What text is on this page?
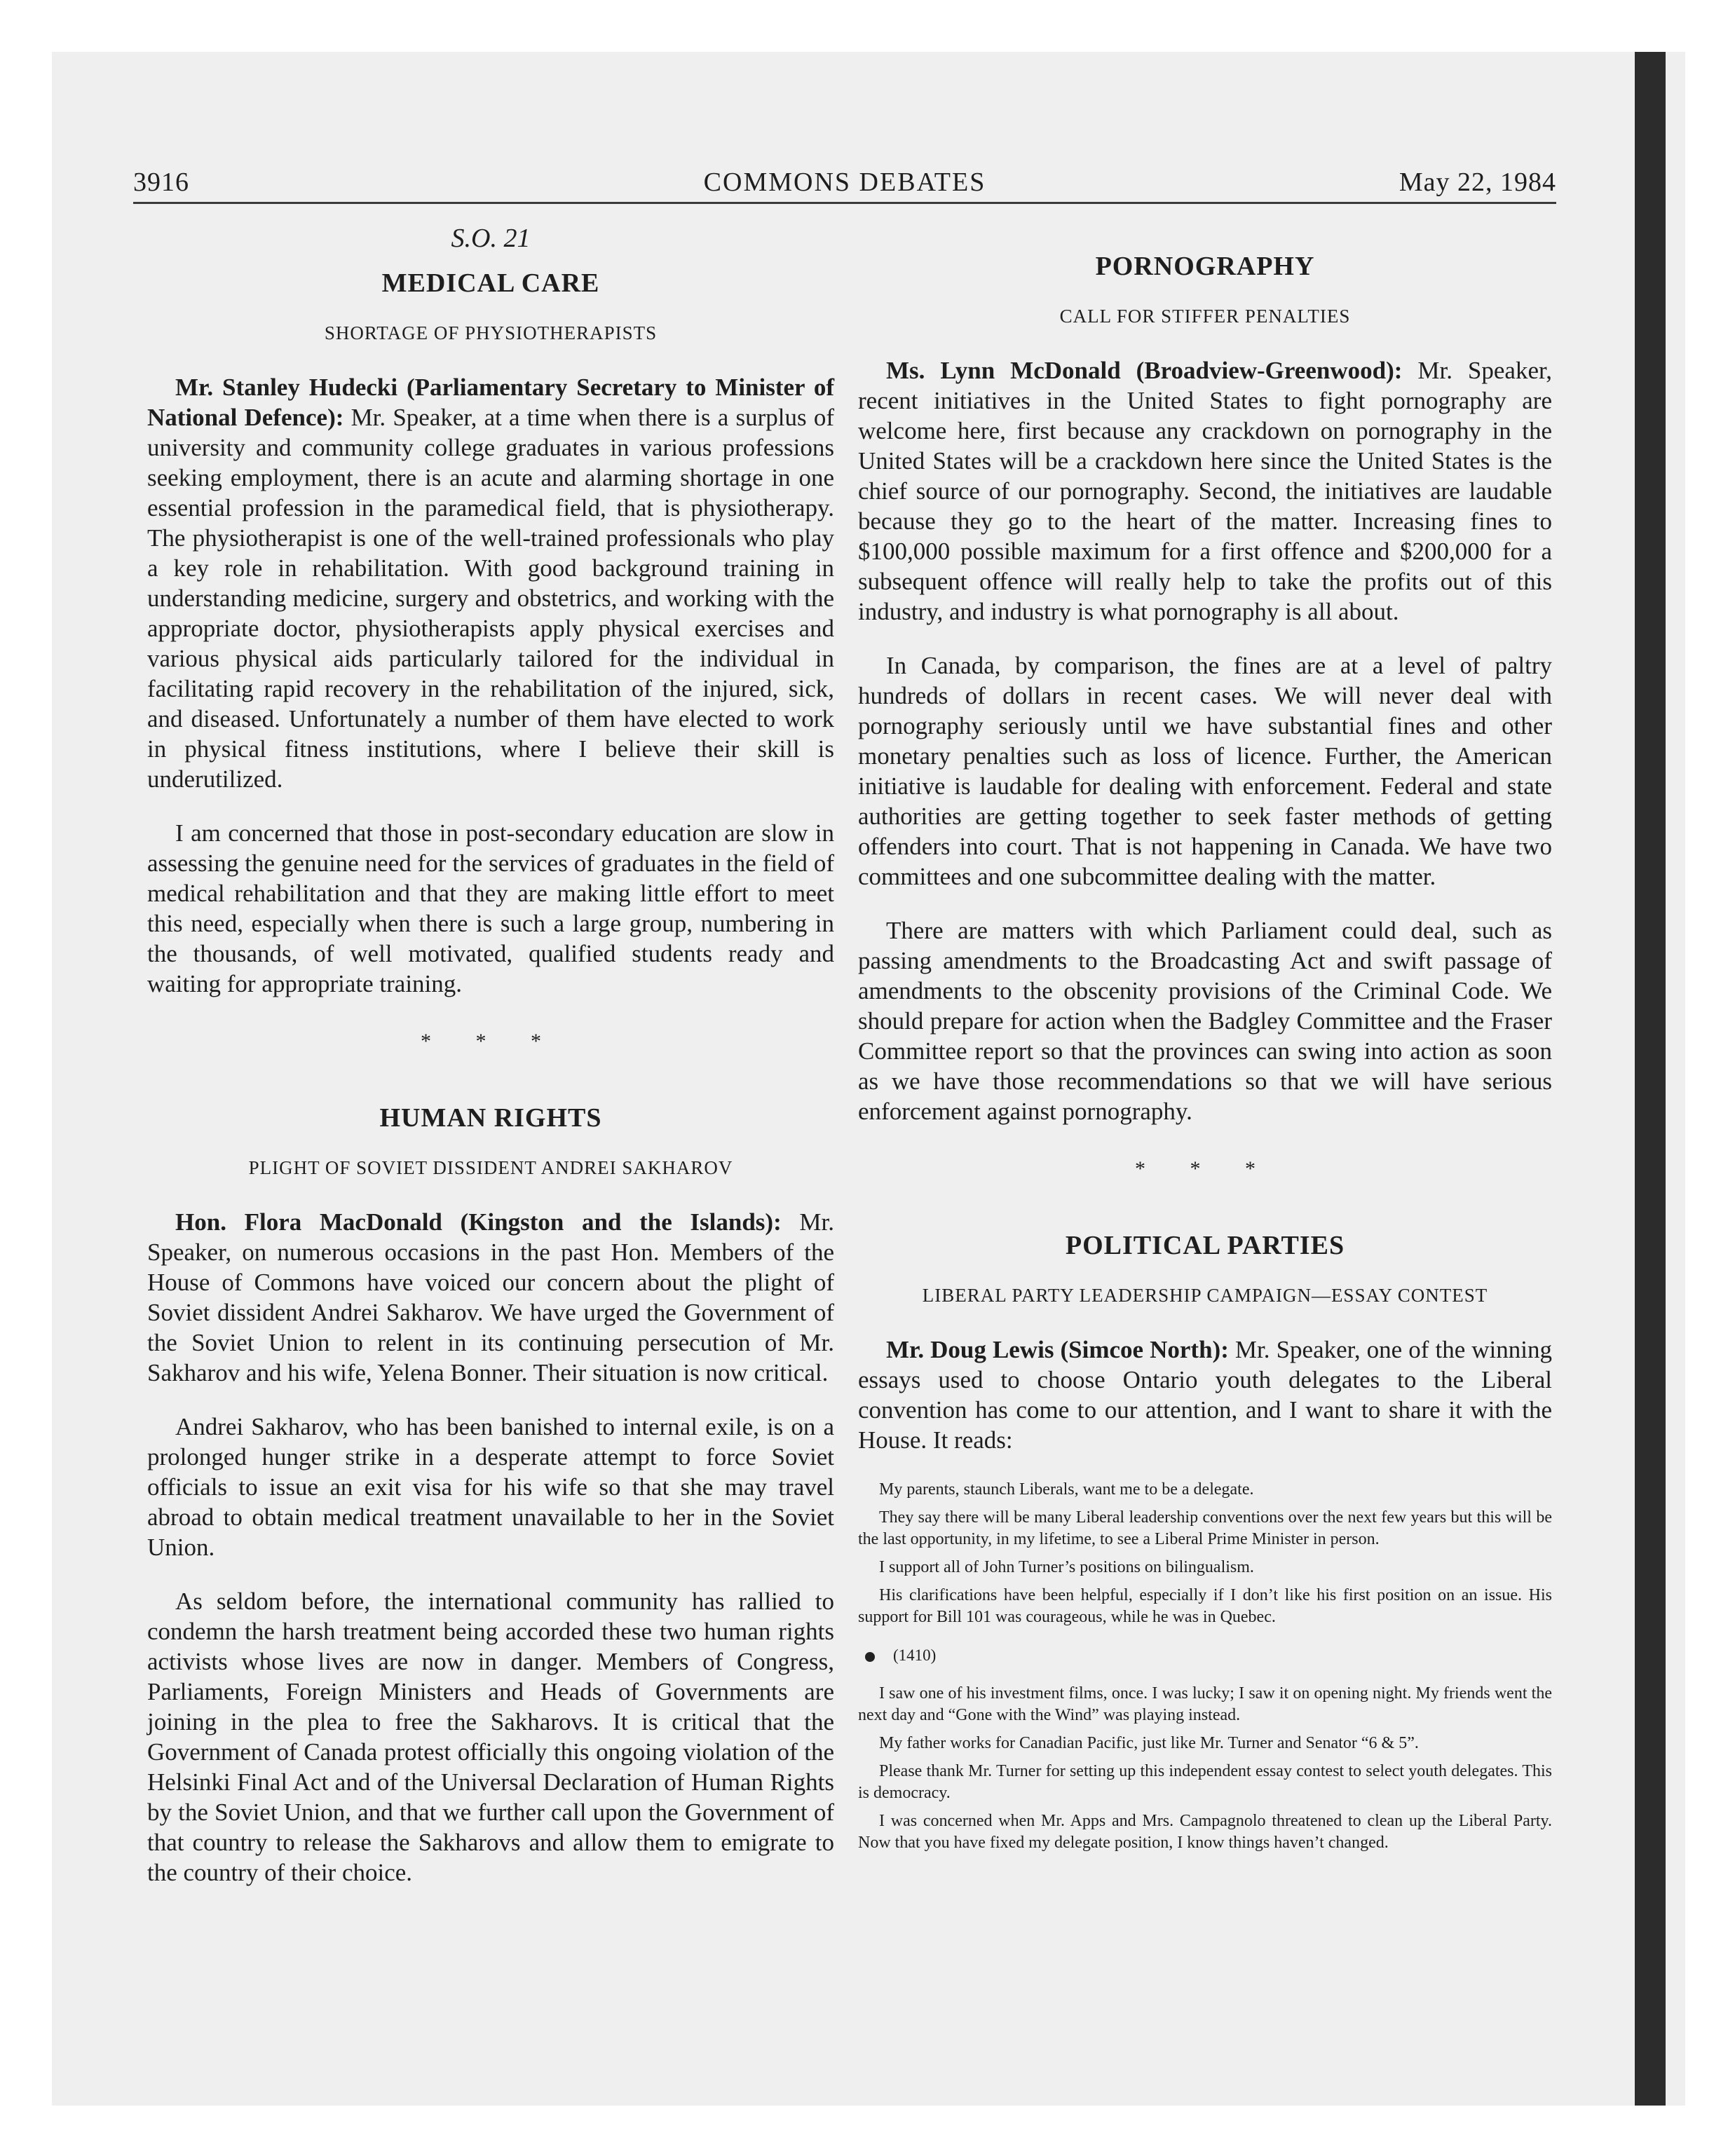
3916	COMMONS DEBATES	May 22, 1984
S.O. 21
MEDICAL CARE
SHORTAGE OF PHYSIOTHERAPISTS

Mr. Stanley Hudecki (Parliamentary Secretary to Minister of National Defence): Mr. Speaker, at a time when there is a surplus of university and community college graduates in various professions seeking employment, there is an acute and alarming shortage in one essential profession in the paramedical field, that is physiotherapy. The physiotherapist is one of the well-trained professionals who play a key role in rehabilitation. With good background training in understanding medicine, surgery and obstetrics, and working with the appropriate doctor, physiotherapists apply physical exercises and various physical aids particularly tailored for the individual in facilitating rapid recovery in the rehabilitation of the injured, sick, and diseased. Unfortunately a number of them have elected to work in physical fitness institutions, where I believe their skill is underutilized.

I am concerned that those in post-secondary education are slow in assessing the genuine need for the services of graduates in the field of medical rehabilitation and that they are making little effort to meet this need, especially when there is such a large group, numbering in the thousands, of well motivated, qualified students ready and waiting for appropriate training.

* * *
HUMAN RIGHTS
PLIGHT OF SOVIET DISSIDENT ANDREI SAKHAROV

Hon. Flora MacDonald (Kingston and the Islands): Mr. Speaker, on numerous occasions in the past Hon. Members of the House of Commons have voiced our concern about the plight of Soviet dissident Andrei Sakharov. We have urged the Government of the Soviet Union to relent in its continuing persecution of Mr. Sakharov and his wife, Yelena Bonner. Their situation is now critical.

Andrei Sakharov, who has been banished to internal exile, is on a prolonged hunger strike in a desperate attempt to force Soviet officials to issue an exit visa for his wife so that she may travel abroad to obtain medical treatment unavailable to her in the Soviet Union.

As seldom before, the international community has rallied to condemn the harsh treatment being accorded these two human rights activists whose lives are now in danger. Members of Congress, Parliaments, Foreign Ministers and Heads of Governments are joining in the plea to free the Sakharovs. It is critical that the Government of Canada protest officially this ongoing violation of the Helsinki Final Act and of the Universal Declaration of Human Rights by the Soviet Union, and that we further call upon the Government of that country to release the Sakharovs and allow them to emigrate to the country of their choice.

PORNOGRAPHY
CALL FOR STIFFER PENALTIES

Ms. Lynn McDonald (Broadview-Greenwood): Mr. Speaker, recent initiatives in the United States to fight pornography are welcome here, first because any crackdown on pornography in the United States will be a crackdown here since the United States is the chief source of our pornography. Second, the initiatives are laudable because they go to the heart of the matter. Increasing fines to $100,000 possible maximum for a first offence and $200,000 for a subsequent offence will really help to take the profits out of this industry, and industry is what pornography is all about.

In Canada, by comparison, the fines are at a level of paltry hundreds of dollars in recent cases. We will never deal with pornography seriously until we have substantial fines and other monetary penalties such as loss of licence. Further, the American initiative is laudable for dealing with enforcement. Federal and state authorities are getting together to seek faster methods of getting offenders into court. That is not happening in Canada. We have two committees and one subcommittee dealing with the matter.

There are matters with which Parliament could deal, such as passing amendments to the Broadcasting Act and swift passage of amendments to the obscenity provisions of the Criminal Code. We should prepare for action when the Badgley Committee and the Fraser Committee report so that the provinces can swing into action as soon as we have those recommendations so that we will have serious enforcement against pornography.

* * *
POLITICAL PARTIES
LIBERAL PARTY LEADERSHIP CAMPAIGN—ESSAY CONTEST

Mr. Doug Lewis (Simcoe North): Mr. Speaker, one of the winning essays used to choose Ontario youth delegates to the Liberal convention has come to our attention, and I want to share it with the House. It reads:

My parents, staunch Liberals, want me to be a delegate.

They say there will be many Liberal leadership conventions over the next few years but this will be the last opportunity, in my lifetime, to see a Liberal Prime Minister in person.

I support all of John Turner’s positions on bilingualism.

His clarifications have been helpful, especially if I don’t like his first position on an issue. His support for Bill 101 was courageous, while he was in Quebec.

(1410)

I saw one of his investment films, once. I was lucky; I saw it on opening night. My friends went the next day and “Gone with the Wind” was playing instead.

My father works for Canadian Pacific, just like Mr. Turner and Senator “6 & 5”.

Please thank Mr. Turner for setting up this independent essay contest to select youth delegates. This is democracy.

I was concerned when Mr. Apps and Mrs. Campagnolo threatened to clean up the Liberal Party. Now that you have fixed my delegate position, I know things haven’t changed.
